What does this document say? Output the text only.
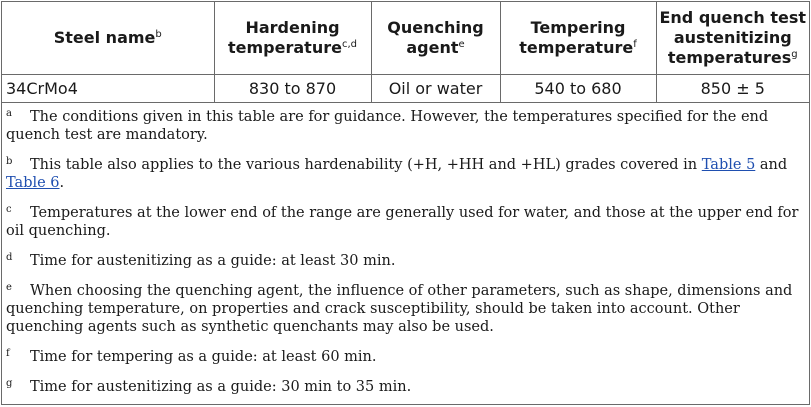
Steel name$^b$	Hardening temperature$^{c,d}$	Quenching agent$^e$	Tempering temperature$^f$	End quench test austenitizing temperatures$^g$
34CrMo4	830 to 870	Oil or water	540 to 680	850 ± 5
a The conditions given in this table are for guidance. However, the temperatures specified for the end quench test are mandatory.
b This table also applies to the various hardenability (+H, +HH and +HL) grades covered in Table 5 and Table 6.
c Temperatures at the lower end of the range are generally used for water, and those at the upper end for oil quenching.
d Time for austenitizing as a guide: at least 30 min.
e When choosing the quenching agent, the influence of other parameters, such as shape, dimensions and quenching temperature, on properties and crack susceptibility, should be taken into account. Other quenching agents such as synthetic quenchants may also be used.
f Time for tempering as a guide: at least 60 min.
g Time for austenitizing as a guide: 30 min to 35 min.
